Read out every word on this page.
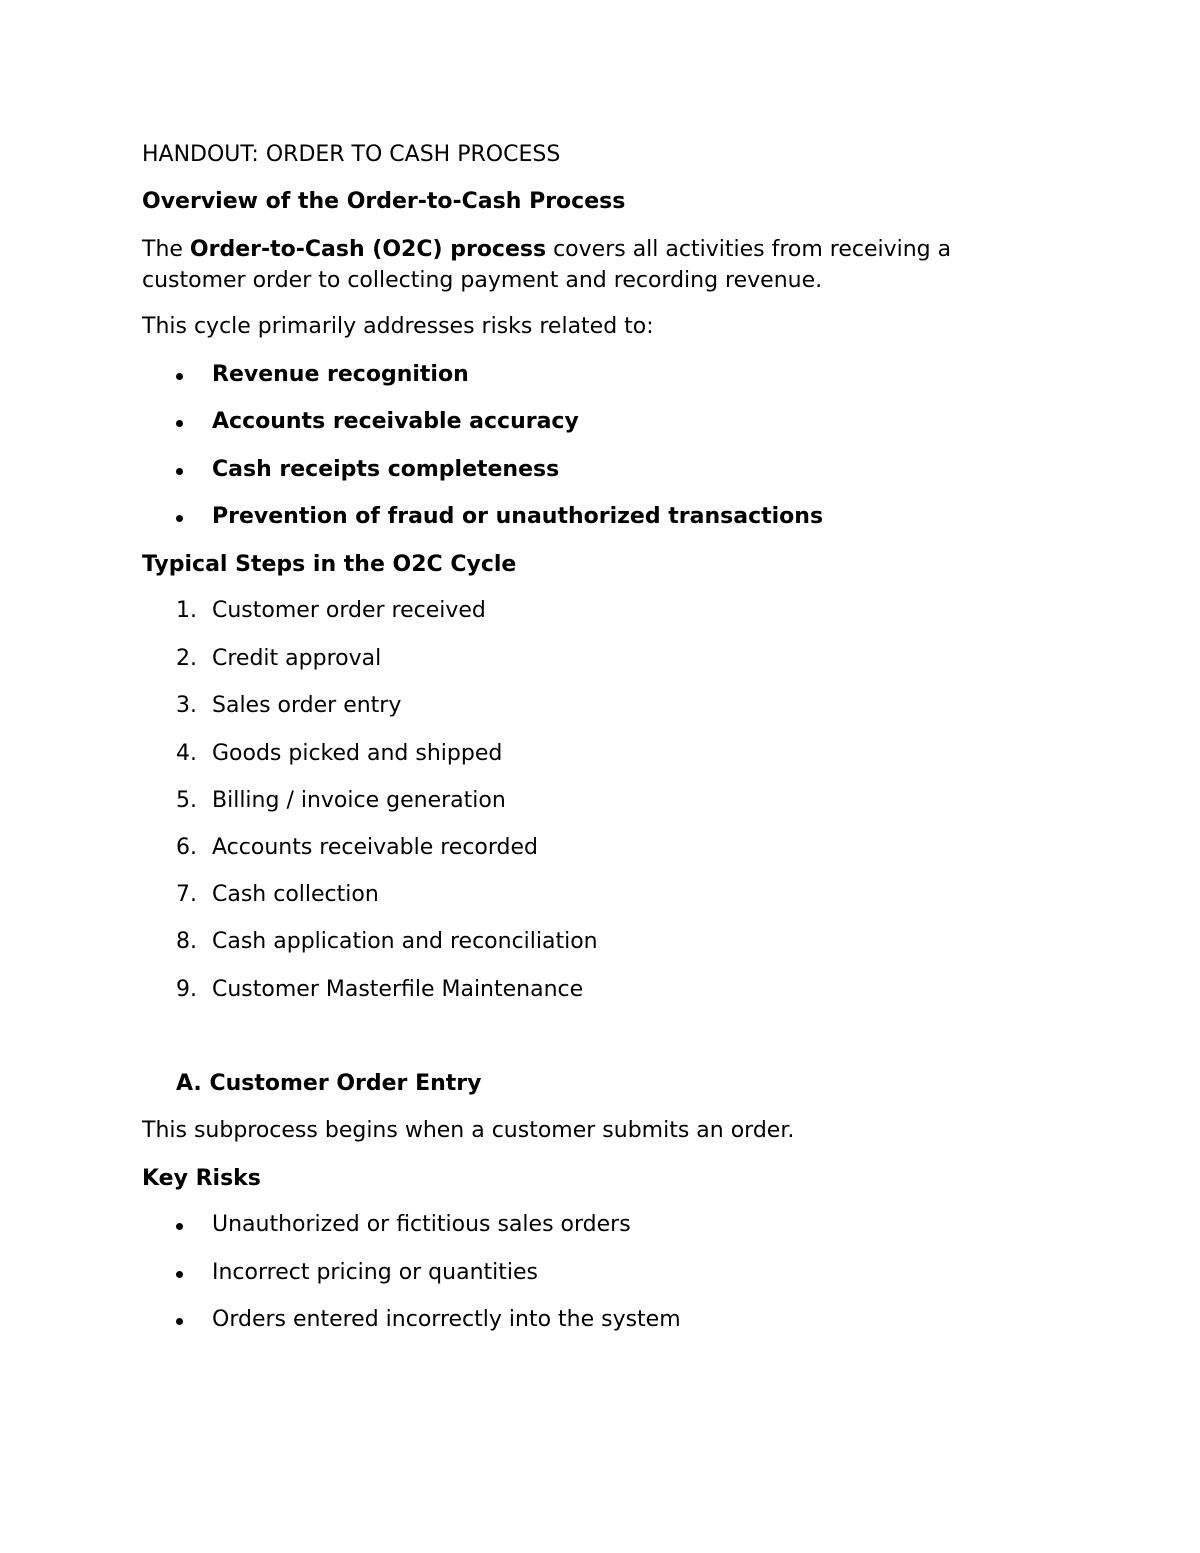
HANDOUT: ORDER TO CASH PROCESS

Overview of the Order-to-Cash Process

The Order-to-Cash (O2C) process covers all activities from receiving a

customer order to collecting payment and recording revenue.

This cycle primarily addresses risks related to:

Revenue recognition
Accounts receivable accuracy
Cash receipts completeness
Prevention of fraud or unauthorized transactions

Typical Steps in the O2C Cycle

1. Customer order received
2. Credit approval
3. Sales order entry
4. Goods picked and shipped
5. Billing / invoice generation
6. Accounts receivable recorded
7. Cash collection
8. Cash application and reconciliation
9. Customer Masterfile Maintenance

A. Customer Order Entry

This subprocess begins when a customer submits an order.

Key Risks

Unauthorized or fictitious sales orders
Incorrect pricing or quantities
Orders entered incorrectly into the system
